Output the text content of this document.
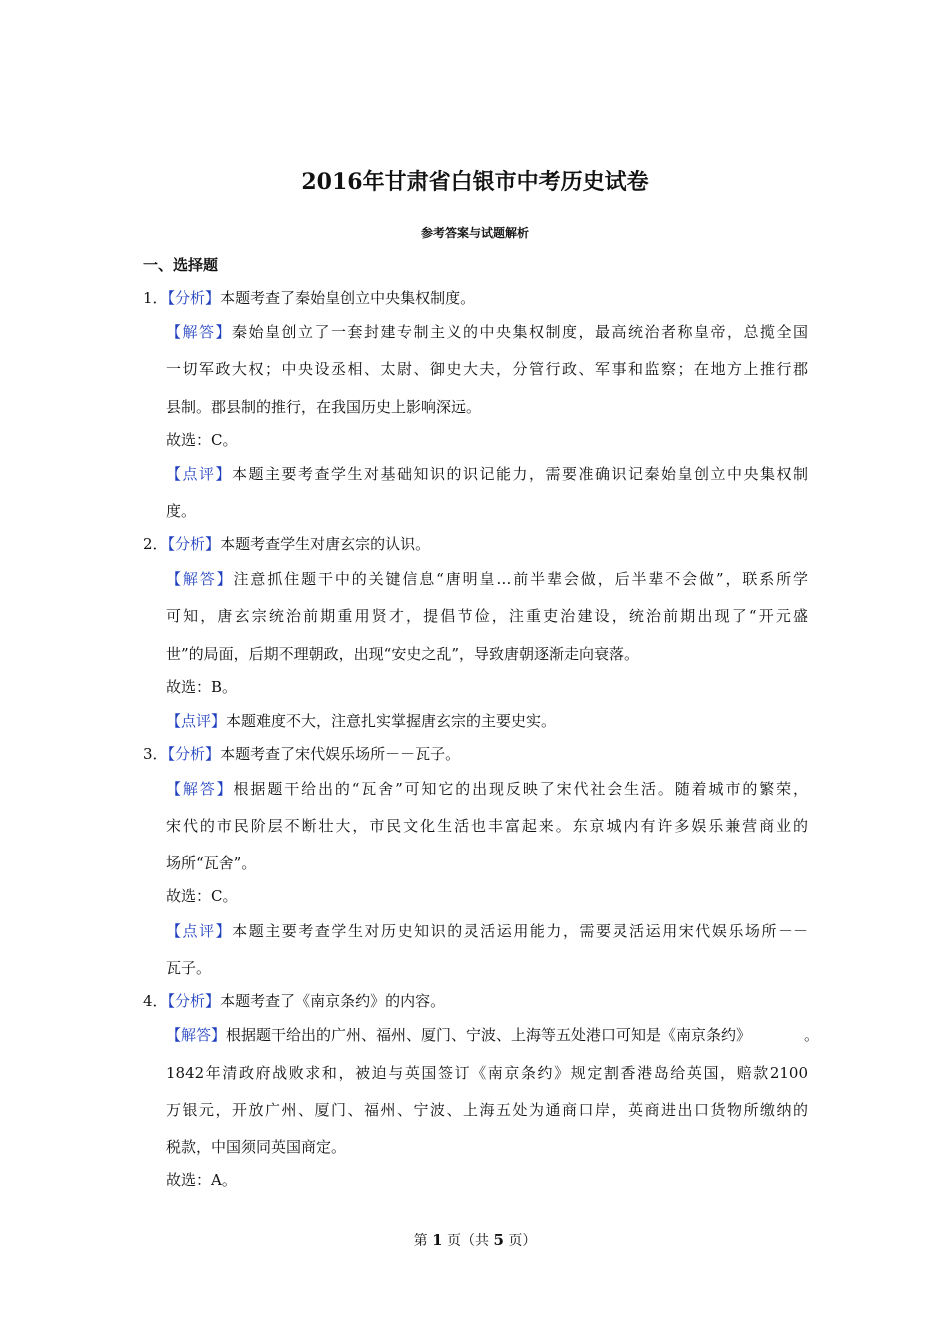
2016年甘肃省白银市中考历史试卷
参考答案与试题解析
一、选择题
1．【分析】本题考查了秦始皇创立中央集权制度。
【解答】秦始皇创立了一套封建专制主义的中央集权制度，最高统治者称皇帝，总揽全国
一切军政大权；中央设丞相、太尉、御史大夫，分管行政、军事和监察；在地方上推行郡
县制。郡县制的推行，在我国历史上影响深远。
故选：C。
【点评】本题主要考查学生对基础知识的识记能力，需要准确识记秦始皇创立中央集权制
度。
2．【分析】本题考查学生对唐玄宗的认识。
【解答】注意抓住题干中的关键信息“唐明皇…前半辈会做，后半辈不会做”，联系所学
可知，唐玄宗统治前期重用贤才，提倡节俭，注重吏治建设，统治前期出现了“开元盛
世”的局面，后期不理朝政，出现“安史之乱”，导致唐朝逐渐走向衰落。
故选：B。
【点评】本题难度不大，注意扎实掌握唐玄宗的主要史实。
3．【分析】本题考查了宋代娱乐场所－－瓦子。
【解答】根据题干给出的“瓦舍”可知它的出现反映了宋代社会生活。随着城市的繁荣，
宋代的市民阶层不断壮大，市民文化生活也丰富起来。东京城内有许多娱乐兼营商业的
场所“瓦舍”。
故选：C。
【点评】本题主要考查学生对历史知识的灵活运用能力，需要灵活运用宋代娱乐场所－－
瓦子。
4．【分析】本题考查了《南京条约》的内容。
【解答】根据题干给出的广州、福州、厦门、宁波、上海等五处港口可知是《南京条约》	。
1842年清政府战败求和，被迫与英国签订《南京条约》规定割香港岛给英国，赔款2100
万银元，开放广州、厦门、福州、宁波、上海五处为通商口岸，英商进出口货物所缴纳的
税款，中国须同英国商定。
故选：A。
第 1 页（共 5 页）
